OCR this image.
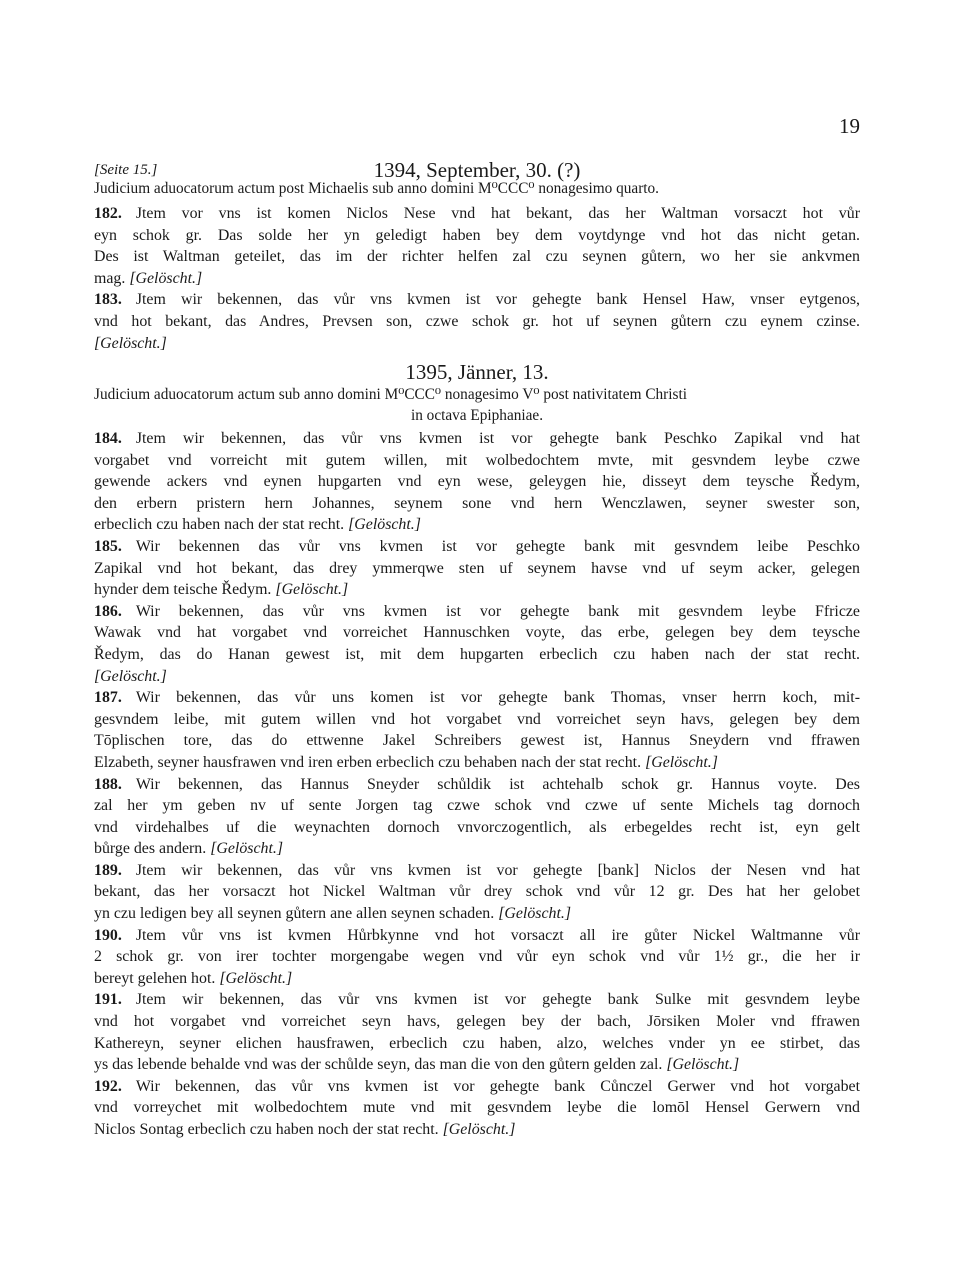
19
[Seite 15.]	1394, September, 30. (?)
Judicium aduocatorum actum post Michaelis sub anno domini M⁰CCC⁰ nonagesimo quarto.
182. Jtem vor vns ist komen Niclos Nese vnd hat bekant, das her Waltman vorsaczt hot vůr
eyn schok gr. Das solde her yn geledigt haben bey dem voytdynge vnd hot das nicht getan.
Des ist Waltman geteilet, das im der richter helfen zal czu seynen gůtern, wo her sie ankvmen
mag. [Gelöscht.]
183. Jtem wir bekennen, das vůr vns kvmen ist vor gehegte bank Hensel Haw, vnser eytgenos,
vnd hot bekant, das Andres, Prevsen son, czwe schok gr. hot uf seynen gůtern czu eynem czinse.
[Gelöscht.]
1395, Jänner, 13.
Judicium aduocatorum actum sub anno domini M⁰CCC⁰ nonagesimo V⁰ post nativitatem Christi
in octava Epiphaniae.
184. Jtem wir bekennen, das vůr vns kvmen ist vor gehegte bank Peschko Zapikal vnd hat
vorgabet vnd vorreicht mit gutem willen, mit wolbedochtem mvte, mit gesvndem leybe czwe
gewende ackers vnd eynen hupgarten vnd eyn wese, geleygen hie, disseyt dem teysche Ředym,
den erbern pristern hern Johannes, seynem sone vnd hern Wenczlawen, seyner swester son,
erbeclich czu haben nach der stat recht. [Gelöscht.]
185. Wir bekennen das vůr vns kvmen ist vor gehegte bank mit gesvndem leibe Peschko
Zapikal vnd hot bekant, das drey ymmerqwe sten uf seynem havse vnd uf seym acker, gelegen
hynder dem teische Ředym. [Gelöscht.]
186. Wir bekennen, das vůr vns kvmen ist vor gehegte bank mit gesvndem leybe Ffricze
Wawak vnd hat vorgabet vnd vorreichet Hannuschken voyte, das erbe, gelegen bey dem teysche
Ředym, das do Hanan gewest ist, mit dem hupgarten erbeclich czu haben nach der stat recht.
[Gelöscht.]
187. Wir bekennen, das vůr uns komen ist vor gehegte bank Thomas, vnser herrn koch, mit-
gesvndem leibe, mit gutem willen vnd hot vorgabet vnd vorreichet seyn havs, gelegen bey dem
Tōplischen tore, das do ettwenne Jakel Schreibers gewest ist, Hannus Sneydern vnd ffrawen
Elzabeth, seyner hausfrawen vnd iren erben erbeclich czu behaben nach der stat recht. [Gelöscht.]
188. Wir bekennen, das Hannus Sneyder schůldik ist achtehalb schok gr. Hannus voyte. Des
zal her ym geben nv uf sente Jorgen tag czwe schok vnd czwe uf sente Michels tag dornoch
vnd virdehalbes uf die weynachten dornoch vnvorczogentlich, als erbegeldes recht ist, eyn gelt
bůrge des andern. [Gelöscht.]
189. Jtem wir bekennen, das vůr vns kvmen ist vor gehegte [bank] Niclos der Nesen vnd hat
bekant, das her vorsaczt hot Nickel Waltman vůr drey schok vnd vůr 12 gr. Des hat her gelobet
yn czu ledigen bey all seynen gůtern ane allen seynen schaden. [Gelöscht.]
190. Jtem vůr vns ist kvmen Hůrbkynne vnd hot vorsaczt all ire gůter Nickel Waltmanne vůr
2 schok gr. von irer tochter morgengabe wegen vnd vůr eyn schok vnd vůr 1½ gr., die her ir
bereyt gelehen hot. [Gelöscht.]
191. Jtem wir bekennen, das vůr vns kvmen ist vor gehegte bank Sulke mit gesvndem leybe
vnd hot vorgabet vnd vorreichet seyn havs, gelegen bey der bach, Jōrsiken Moler vnd ffrawen
Kathereyn, seyner elichen hausfrawen, erbeclich czu haben, alzo, welches vnder yn ee stirbet, das
ys das lebende behalde vnd was der schůlde seyn, das man die von den gůtern gelden zal. [Gelöscht.]
192. Wir bekennen, das vůr vns kvmen ist vor gehegte bank Cůnczel Gerwer vnd hot vorgabet
vnd vorreychet mit wolbedochtem mute vnd mit gesvndem leybe die lomōl Hensel Gerwern vnd
Niclos Sontag erbeclich czu haben noch der stat recht. [Gelöscht.]
